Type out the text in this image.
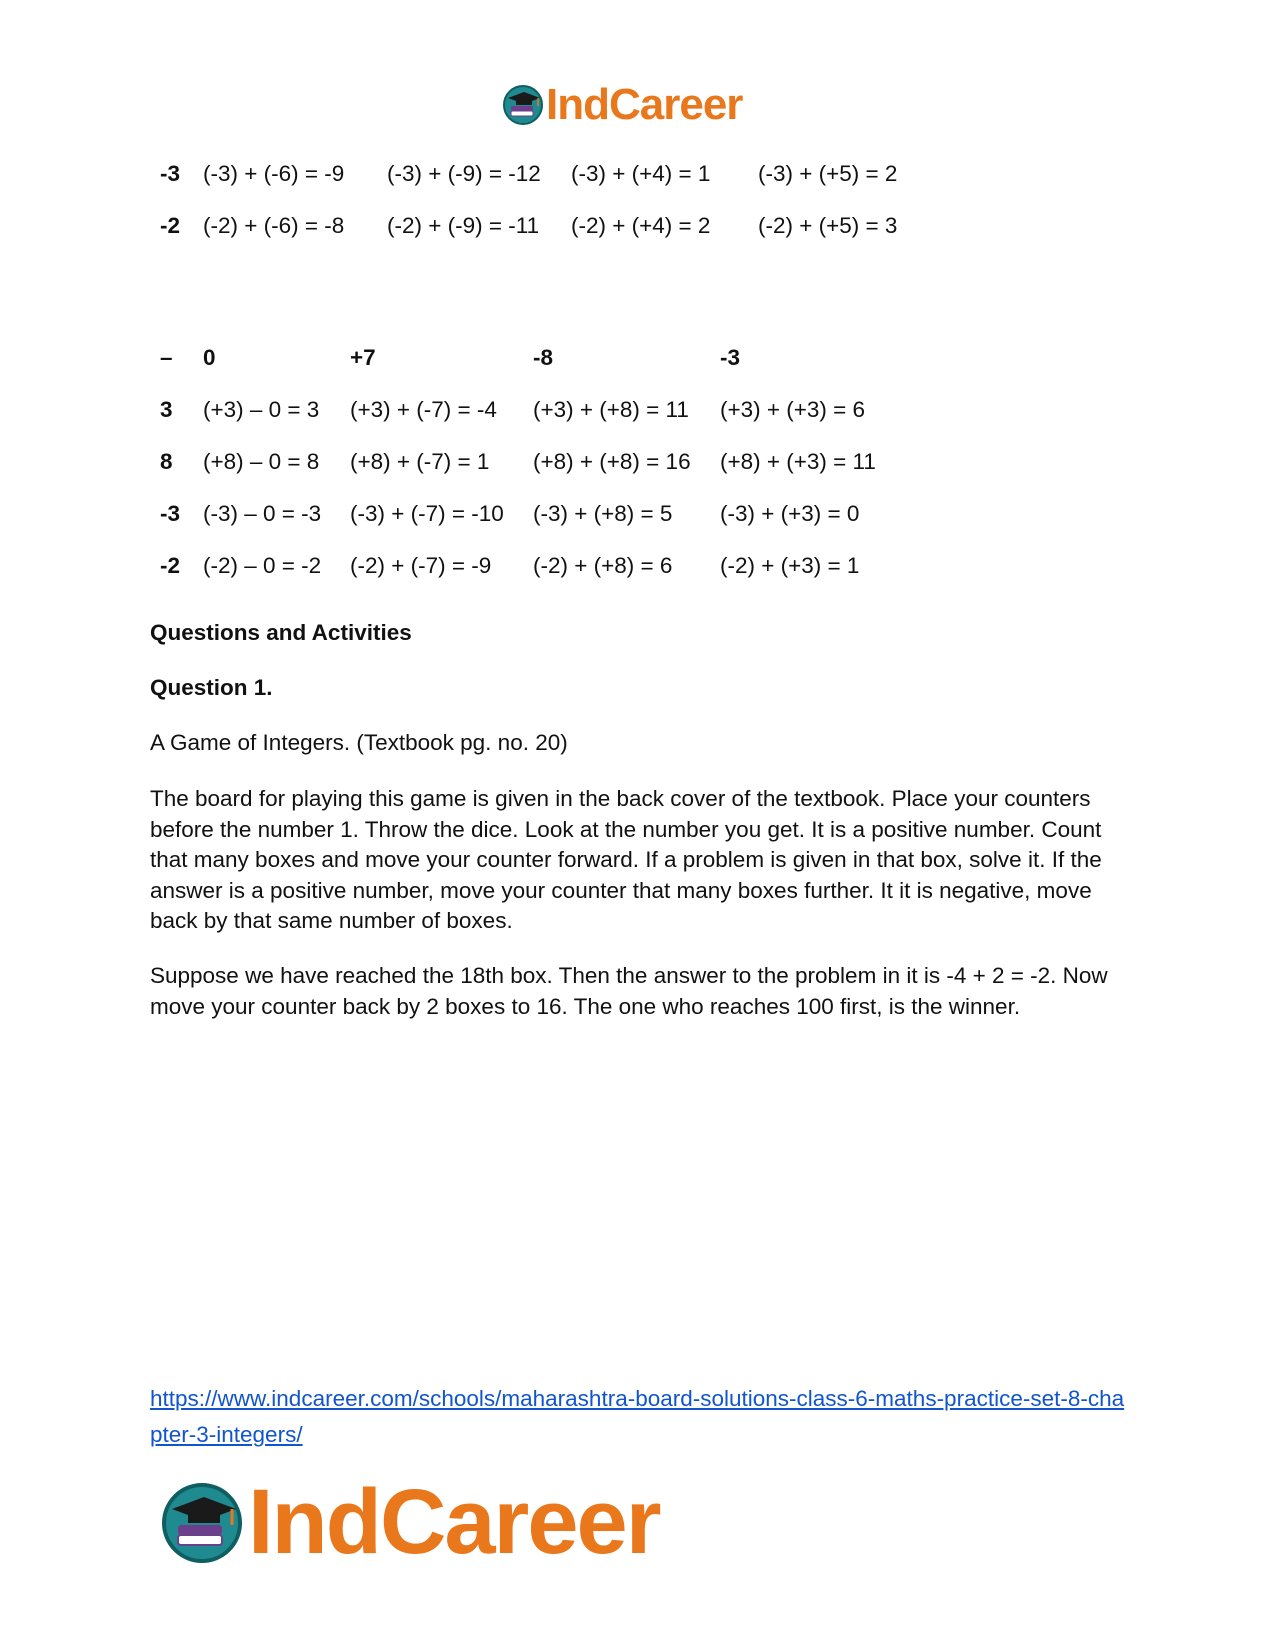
IndCareer
-3 (-3) + (-6) = -9 (-3) + (-9) = -12 (-3) + (+4) = 1 (-3) + (+5) = 2
-2 (-2) + (-6) = -8 (-2) + (-9) = -11 (-2) + (+4) = 2 (-2) + (+5) = 3
– 0	+7	-8	-3
3 (+3) – 0 = 3 (+3) + (-7) = -4 (+3) + (+8) = 11 (+3) + (+3) = 6
8 (+8) – 0 = 8 (+8) + (-7) = 1 (+8) + (+8) = 16 (+8) + (+3) = 11
-3 (-3) – 0 = -3 (-3) + (-7) = -10 (-3) + (+8) = 5 (-3) + (+3) = 0
-2 (-2) – 0 = -2 (-2) + (-7) = -9 (-2) + (+8) = 6 (-2) + (+3) = 1
Questions and Activities
Question 1.
A Game of Integers. (Textbook pg. no. 20)
The board for playing this game is given in the back cover of the textbook. Place your counters before the number 1. Throw the dice. Look at the number you get. It is a positive number. Count that many boxes and move your counter forward. If a problem is given in that box, solve it. If the answer is a positive number, move your counter that many boxes further. It it is negative, move back by that same number of boxes.
Suppose we have reached the 18th box. Then the answer to the problem in it is -4 + 2 = -2. Now move your counter back by 2 boxes to 16. The one who reaches 100 first, is the winner.
https://www.indcareer.com/schools/maharashtra-board-solutions-class-6-maths-practice-set-8-chapter-3-integers/
IndCareer
